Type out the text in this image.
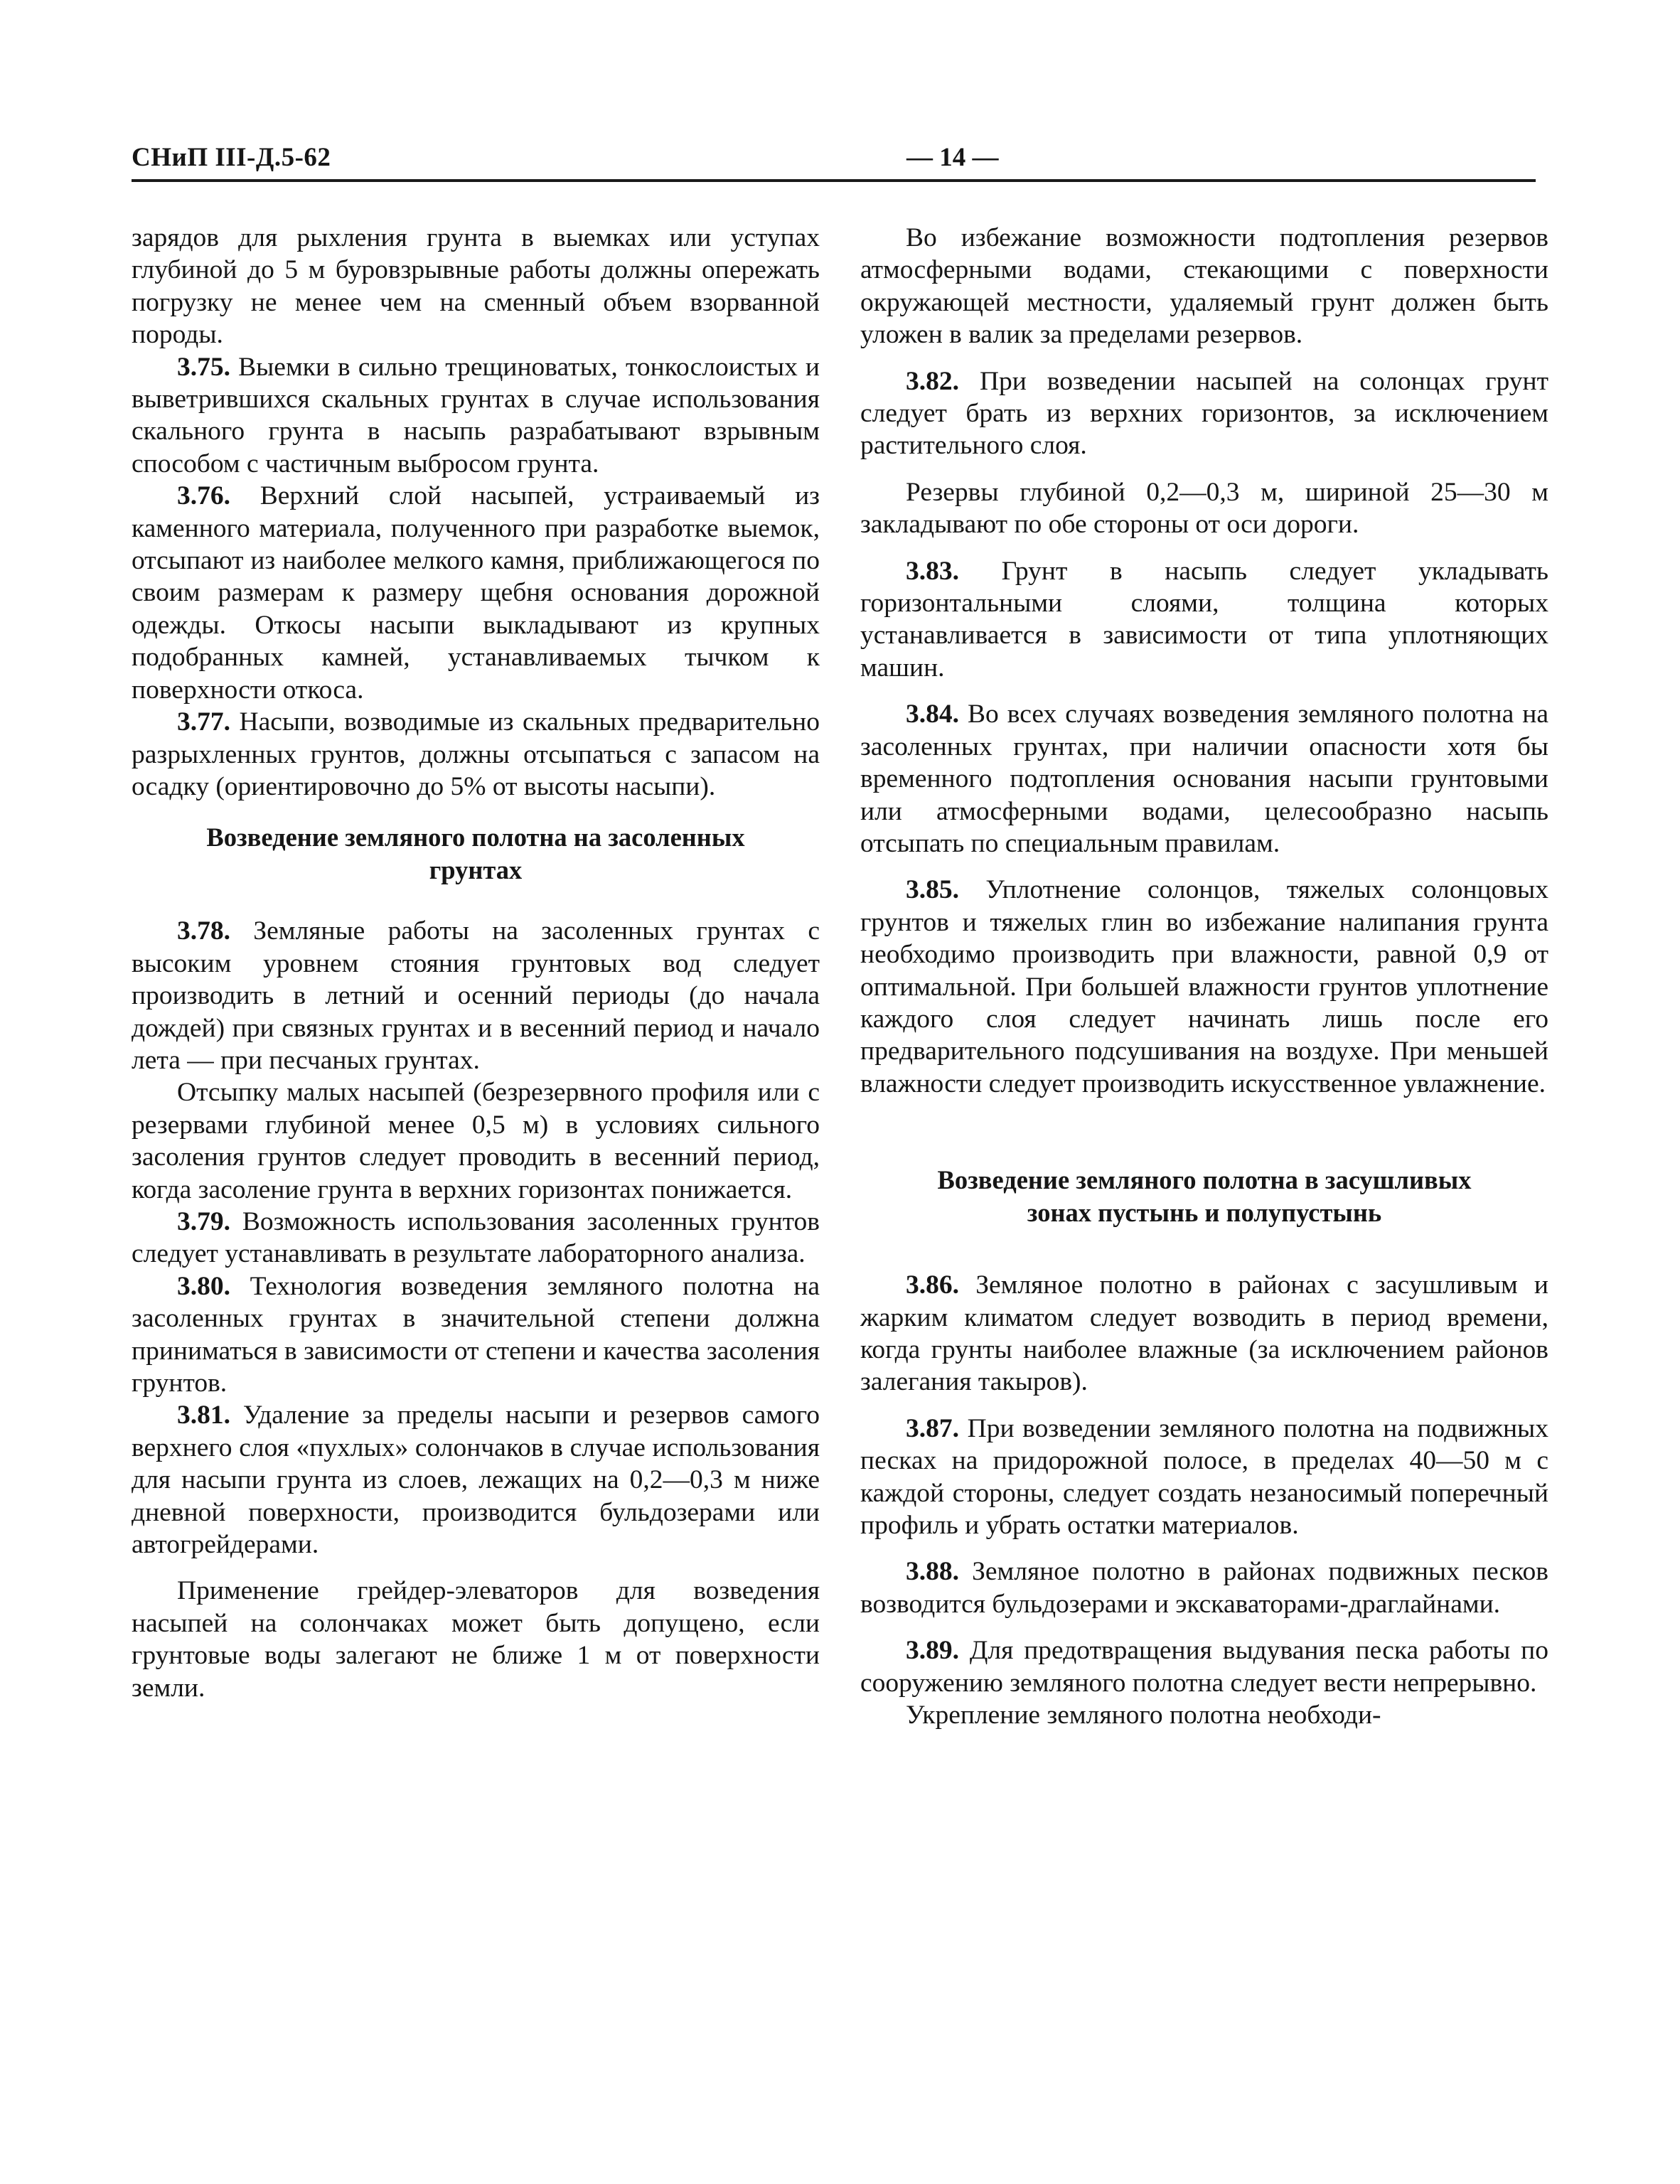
СНиП III-Д.5-62	— 14 —

зарядов для рыхления грунта в выемках или уступах глубиной до 5 м буровзрывные работы должны опережать погрузку не менее чем на сменный объем взорванной породы.

3.75. Выемки в сильно трещиноватых, тонкослоистых и выветрившихся скальных грунтах в случае использования скального грунта в насыпь разрабатывают взрывным способом с частичным выбросом грунта.

3.76. Верхний слой насыпей, устраиваемый из каменного материала, полученного при разработке выемок, отсыпают из наиболее мелкого камня, приближающегося по своим размерам к размеру щебня основания дорожной одежды. Откосы насыпи выкладывают из крупных подобранных камней, устанавливаемых тычком к поверхности откоса.

3.77. Насыпи, возводимые из скальных предварительно разрыхленных грунтов, должны отсыпаться с запасом на осадку (ориентировочно до 5% от высоты насыпи).

Возведение земляного полотна на засоленных
грунтах

3.78. Земляные работы на засоленных грунтах с высоким уровнем стояния грунтовых вод следует производить в летний и осенний периоды (до начала дождей) при связных грунтах и в весенний период и начало лета — при песчаных грунтах.

Отсыпку малых насыпей (безрезервного профиля или с резервами глубиной менее 0,5 м) в условиях сильного засоления грунтов следует проводить в весенний период, когда засоление грунта в верхних горизонтах понижается.

3.79. Возможность использования засоленных грунтов следует устанавливать в результате лабораторного анализа.

3.80. Технология возведения земляного полотна на засоленных грунтах в значительной степени должна приниматься в зависимости от степени и качества засоления грунтов.

3.81. Удаление за пределы насыпи и резервов самого верхнего слоя «пухлых» солончаков в случае использования для насыпи грунта из слоев, лежащих на 0,2—0,3 м ниже дневной поверхности, производится бульдозерами или автогрейдерами.

Применение грейдер-элеваторов для возведения насыпей на солончаках может быть допущено, если грунтовые воды залегают не ближе 1 м от поверхности земли.

Во избежание возможности подтопления резервов атмосферными водами, стекающими с поверхности окружающей местности, удаляемый грунт должен быть уложен в валик за пределами резервов.

3.82. При возведении насыпей на солонцах грунт следует брать из верхних горизонтов, за исключением растительного слоя.

Резервы глубиной 0,2—0,3 м, шириной 25—30 м закладывают по обе стороны от оси дороги.

3.83. Грунт в насыпь следует укладывать горизонтальными слоями, толщина которых устанавливается в зависимости от типа уплотняющих машин.

3.84. Во всех случаях возведения земляного полотна на засоленных грунтах, при наличии опасности хотя бы временного подтопления основания насыпи грунтовыми или атмосферными водами, целесообразно насыпь отсыпать по специальным правилам.

3.85. Уплотнение солонцов, тяжелых солонцовых грунтов и тяжелых глин во избежание налипания грунта необходимо производить при влажности, равной 0,9 от оптимальной. При большей влажности грунтов уплотнение каждого слоя следует начинать лишь после его предварительного подсушивания на воздухе. При меньшей влажности следует производить искусственное увлажнение.

Возведение земляного полотна в засушливых
зонах пустынь и полупустынь

3.86. Земляное полотно в районах с засушливым и жарким климатом следует возводить в период времени, когда грунты наиболее влажные (за исключением районов залегания такыров).

3.87. При возведении земляного полотна на подвижных песках на придорожной полосе, в пределах 40—50 м с каждой стороны, следует создать незаносимый поперечный профиль и убрать остатки материалов.

3.88. Земляное полотно в районах подвижных песков возводится бульдозерами и экскаваторами-драглайнами.

3.89. Для предотвращения выдувания песка работы по сооружению земляного полотна следует вести непрерывно.

Укрепление земляного полотна необходи-
